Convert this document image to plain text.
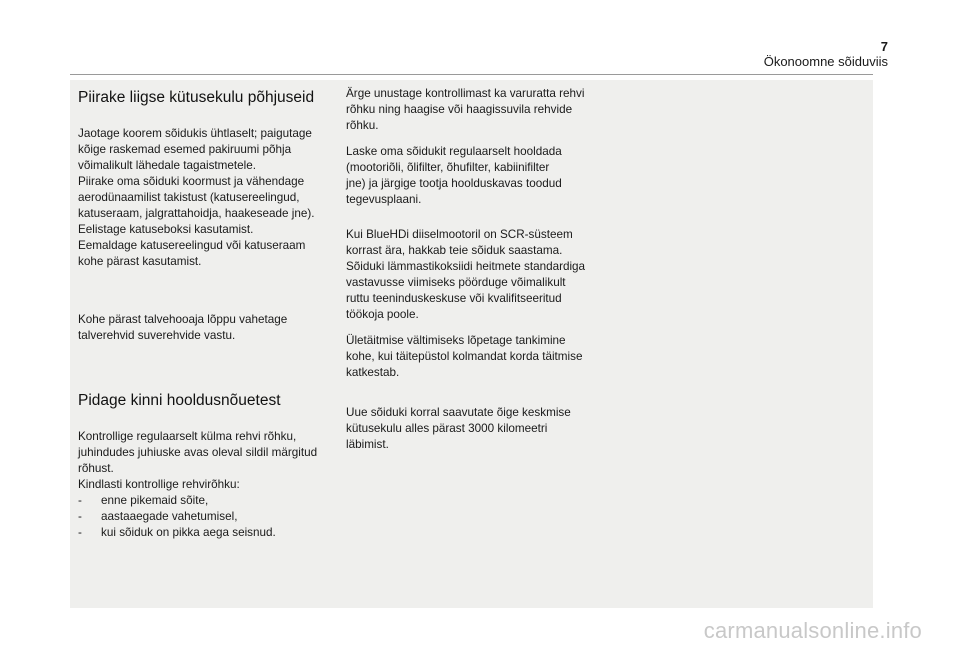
7
Ökonoomne sõiduviis
Piirake liigse kütusekulu põhjuseid

Jaotage koorem sõidukis ühtlaselt; paigutage
kõige raskemad esemed pakiruumi põhja
võimalikult lähedale tagaistmetele.
Piirake oma sõiduki koormust ja vähendage
aerodünaamilist takistust (katusereelingud,
katuseraam, jalgrattahoidja, haakeseade jne).
Eelistage katuseboksi kasutamist.
Eemaldage katusereelingud või katuseraam
kohe pärast kasutamist.

Kohe pärast talvehooaja lõppu vahetage
talverehvid suverehvide vastu.

Pidage kinni hooldusnõuetest

Kontrollige regulaarselt külma rehvi rõhku,
juhindudes juhiuske avas oleval sildil märgitud
rõhust.
Kindlasti kontrollige rehvirõhku:

-	enne pikemaid sõite,
-	aastaaegade vahetumisel,
-	kui sõiduk on pikka aega seisnud.

Ärge unustage kontrollimast ka varuratta rehvi
rõhku ning haagise või haagissuvila rehvide
rõhku.

Laske oma sõidukit regulaarselt hooldada
(mootoriõli, õlifilter, õhufilter, kabiinifilter
jne) ja järgige tootja hoolduskavas toodud
tegevusplaani.

Kui BlueHDi diiselmootoril on SCR-süsteem
korrast ära, hakkab teie sõiduk saastama.
Sõiduki lämmastikoksiidi heitmete standardiga
vastavusse viimiseks pöörduge võimalikult
ruttu teeninduskeskuse või kvalifitseeritud
töökoja poole.

Ületäitmise vältimiseks lõpetage tankimine
kohe, kui täitepüstol kolmandat korda täitmise
katkestab.

Uue sõiduki korral saavutate õige keskmise
kütusekulu alles pärast 3000 kilomeetri
läbimist.

carmanualsonline.info
